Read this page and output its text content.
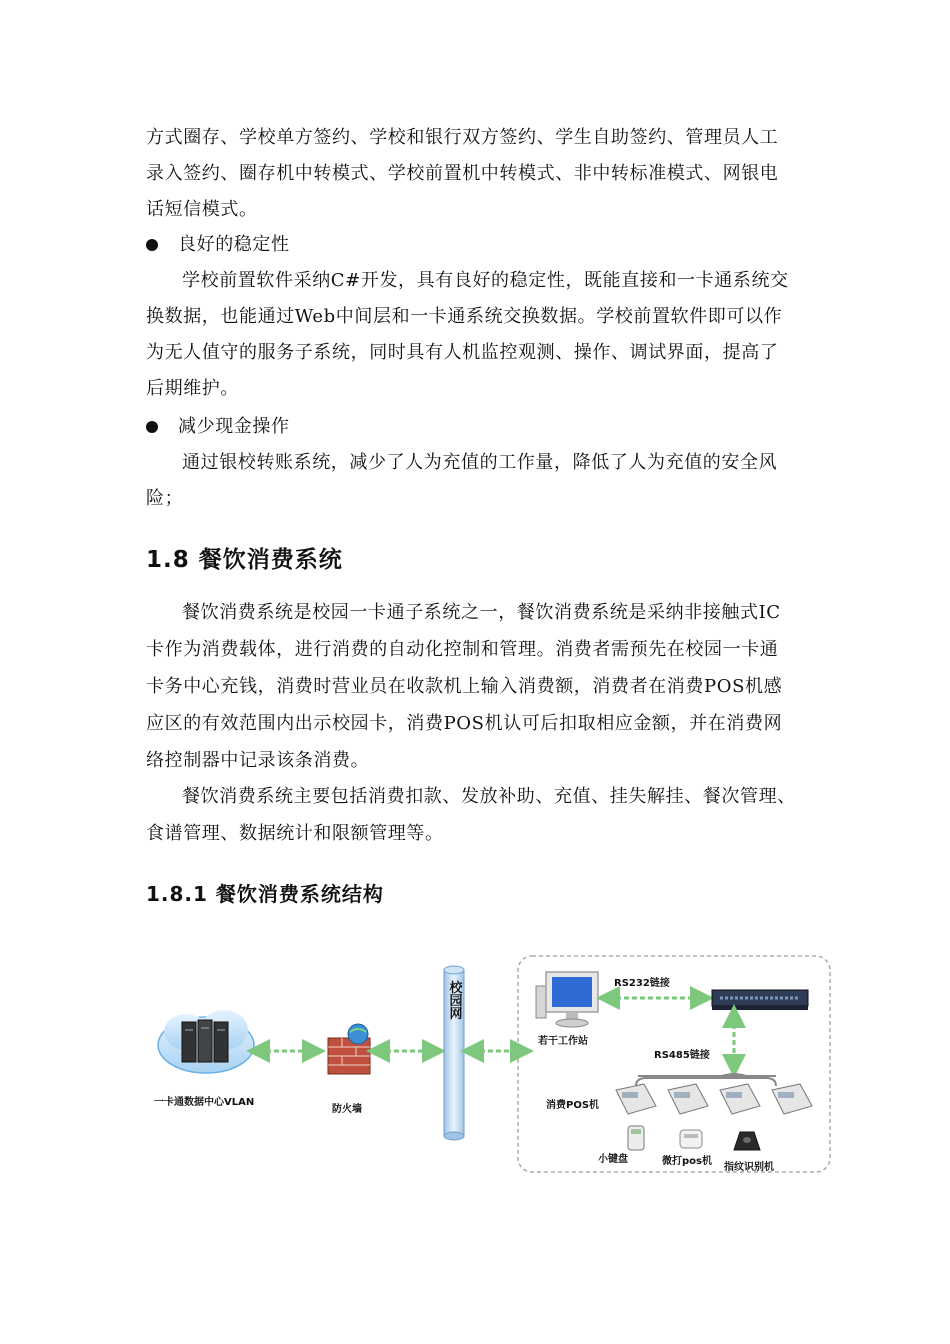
方式圈存、学校单方签约、学校和银行双方签约、学生自助签约、管理员人工
录入签约、圈存机中转模式、学校前置机中转模式、非中转标准模式、网银电
话短信模式。
良好的稳定性
学校前置软件采纳C#开发，具有良好的稳定性，既能直接和一卡通系统交
换数据，也能通过Web中间层和一卡通系统交换数据。学校前置软件即可以作
为无人值守的服务子系统，同时具有人机监控观测、操作、调试界面，提高了
后期维护。
减少现金操作
通过银校转账系统，减少了人为充值的工作量，降低了人为充值的安全风
险；
1.8 餐饮消费系统
餐饮消费系统是校园一卡通子系统之一，餐饮消费系统是采纳非接触式IC
卡作为消费载体，进行消费的自动化控制和管理。消费者需预先在校园一卡通
卡务中心充钱，消费时营业员在收款机上输入消费额，消费者在消费POS机感
应区的有效范围内出示校园卡，消费POS机认可后扣取相应金额，并在消费网
络控制器中记录该条消费。
餐饮消费系统主要包括消费扣款、发放补助、充值、挂失解挂、餐次管理、
食谱管理、数据统计和限额管理等。
1.8.1 餐饮消费系统结构
一卡通数据中心VLAN
防火墙
校园网
若干工作站
RS232链接
RS485链接
消费POS机
小键盘	微打pos机
指纹识别机
